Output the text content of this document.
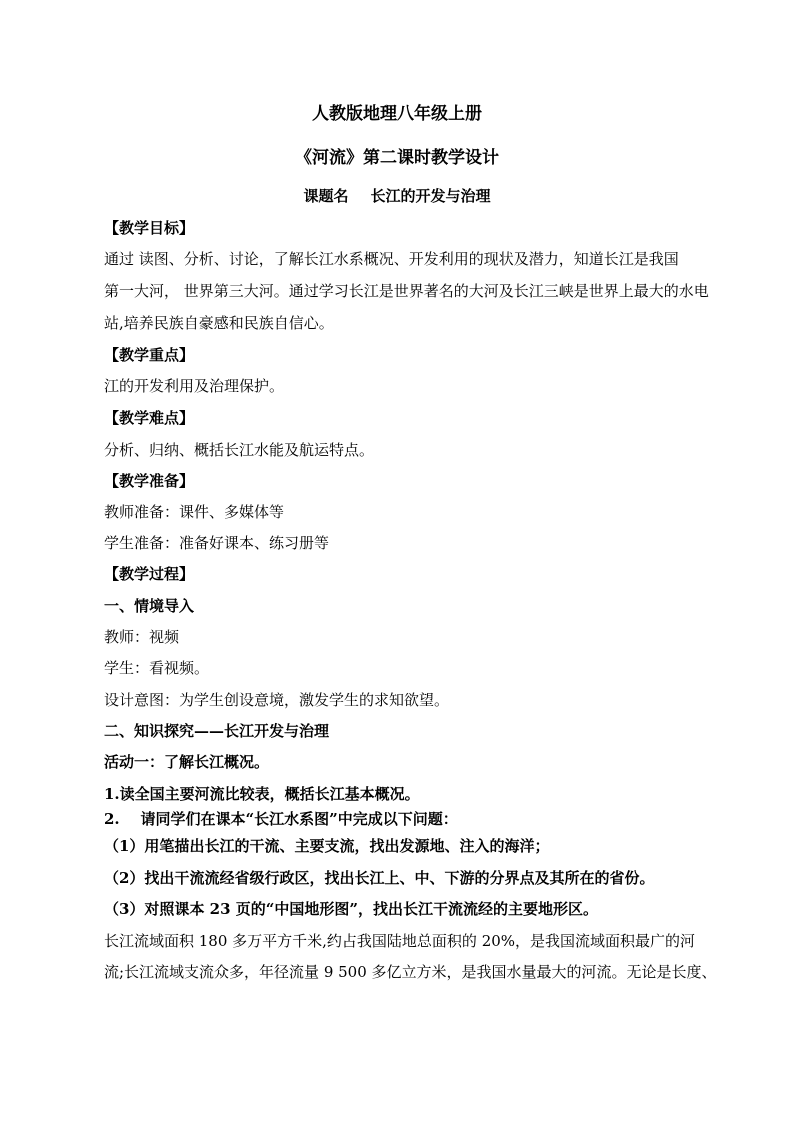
人教版地理八年级上册
《河流》第二课时教学设计
课题名 长江的开发与治理
【教学目标】
通过 读图、分析、讨论，了解长江水系概况、开发利用的现状及潜力，知道长江是我国
第一大河， 世界第三大河。通过学习长江是世界著名的大河及长江三峡是世界上最大的水电
站,培养民族自豪感和民族自信心。
【教学重点】
江的开发利用及治理保护。
【教学难点】
分析、归纳、概括长江水能及航运特点。
【教学准备】
教师准备：课件、多媒体等
学生准备：准备好课本、练习册等
【教学过程】
一、情境导入
教师：视频
学生：看视频。
设计意图：为学生创设意境，激发学生的求知欲望。
二、知识探究——长江开发与治理
活动一：了解长江概况。
1.读全国主要河流比较表，概括长江基本概况。
2.    请同学们在课本“长江水系图”中完成以下问题：
（1）用笔描出长江的干流、主要支流，找出发源地、注入的海洋；
（2）找出干流流经省级行政区，找出长江上、中、下游的分界点及其所在的省份。
（3）对照课本 23 页的“中国地形图”，找出长江干流流经的主要地形区。
长江流域面积 180 多万平方千米,约占我国陆地总面积的 20%，是我国流域面积最广的河
流;长江流域支流众多，年径流量 9 500 多亿立方米，是我国水量最大的河流。无论是长度、
